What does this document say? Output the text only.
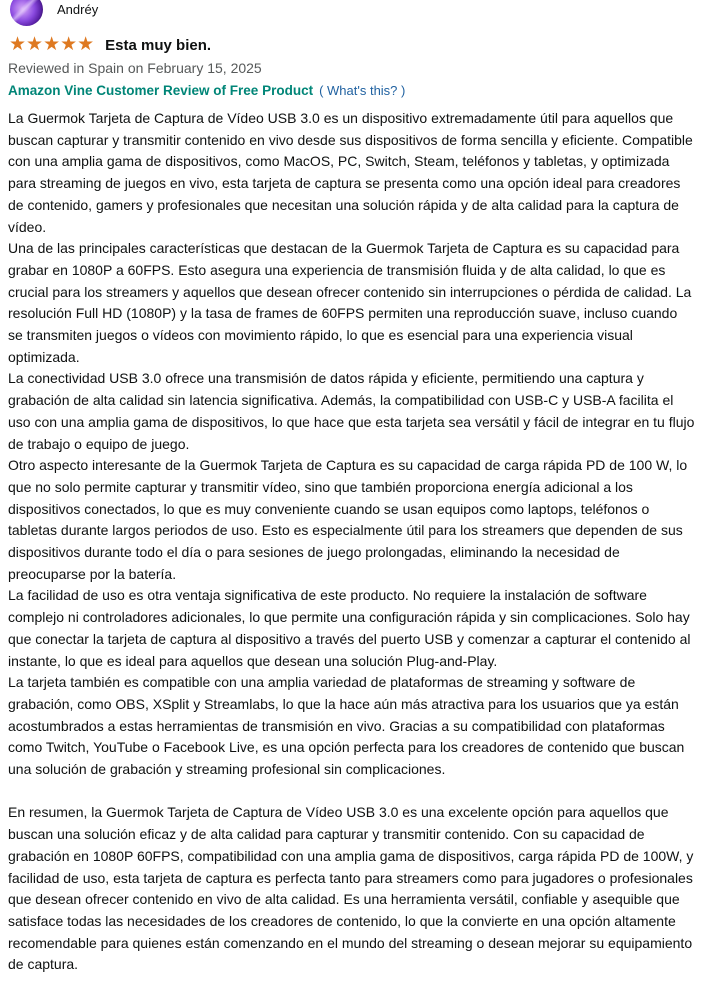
Andréy
★★★★★ Esta muy bien.
Reviewed in Spain on February 15, 2025
Amazon Vine Customer Review of Free Product ( What's this? )

La Guermok Tarjeta de Captura de Vídeo USB 3.0 es un dispositivo extremadamente útil para aquellos que buscan capturar y transmitir contenido en vivo desde sus dispositivos de forma sencilla y eficiente. Compatible con una amplia gama de dispositivos, como MacOS, PC, Switch, Steam, teléfonos y tabletas, y optimizada para streaming de juegos en vivo, esta tarjeta de captura se presenta como una opción ideal para creadores de contenido, gamers y profesionales que necesitan una solución rápida y de alta calidad para la captura de vídeo.

Una de las principales características que destacan de la Guermok Tarjeta de Captura es su capacidad para grabar en 1080P a 60FPS. Esto asegura una experiencia de transmisión fluida y de alta calidad, lo que es crucial para los streamers y aquellos que desean ofrecer contenido sin interrupciones o pérdida de calidad. La resolución Full HD (1080P) y la tasa de frames de 60FPS permiten una reproducción suave, incluso cuando se transmiten juegos o vídeos con movimiento rápido, lo que es esencial para una experiencia visual optimizada.

La conectividad USB 3.0 ofrece una transmisión de datos rápida y eficiente, permitiendo una captura y grabación de alta calidad sin latencia significativa. Además, la compatibilidad con USB-C y USB-A facilita el uso con una amplia gama de dispositivos, lo que hace que esta tarjeta sea versátil y fácil de integrar en tu flujo de trabajo o equipo de juego.

Otro aspecto interesante de la Guermok Tarjeta de Captura es su capacidad de carga rápida PD de 100 W, lo que no solo permite capturar y transmitir vídeo, sino que también proporciona energía adicional a los dispositivos conectados, lo que es muy conveniente cuando se usan equipos como laptops, teléfonos o tabletas durante largos periodos de uso. Esto es especialmente útil para los streamers que dependen de sus dispositivos durante todo el día o para sesiones de juego prolongadas, eliminando la necesidad de preocuparse por la batería.

La facilidad de uso es otra ventaja significativa de este producto. No requiere la instalación de software complejo ni controladores adicionales, lo que permite una configuración rápida y sin complicaciones. Solo hay que conectar la tarjeta de captura al dispositivo a través del puerto USB y comenzar a capturar el contenido al instante, lo que es ideal para aquellos que desean una solución Plug-and-Play.

La tarjeta también es compatible con una amplia variedad de plataformas de streaming y software de grabación, como OBS, XSplit y Streamlabs, lo que la hace aún más atractiva para los usuarios que ya están acostumbrados a estas herramientas de transmisión en vivo. Gracias a su compatibilidad con plataformas como Twitch, YouTube o Facebook Live, es una opción perfecta para los creadores de contenido que buscan una solución de grabación y streaming profesional sin complicaciones.

En resumen, la Guermok Tarjeta de Captura de Vídeo USB 3.0 es una excelente opción para aquellos que buscan una solución eficaz y de alta calidad para capturar y transmitir contenido. Con su capacidad de grabación en 1080P 60FPS, compatibilidad con una amplia gama de dispositivos, carga rápida PD de 100W, y facilidad de uso, esta tarjeta de captura es perfecta tanto para streamers como para jugadores o profesionales que desean ofrecer contenido en vivo de alta calidad. Es una herramienta versátil, confiable y asequible que satisface todas las necesidades de los creadores de contenido, lo que la convierte en una opción altamente recomendable para quienes están comenzando en el mundo del streaming o desean mejorar su equipamiento de captura.
